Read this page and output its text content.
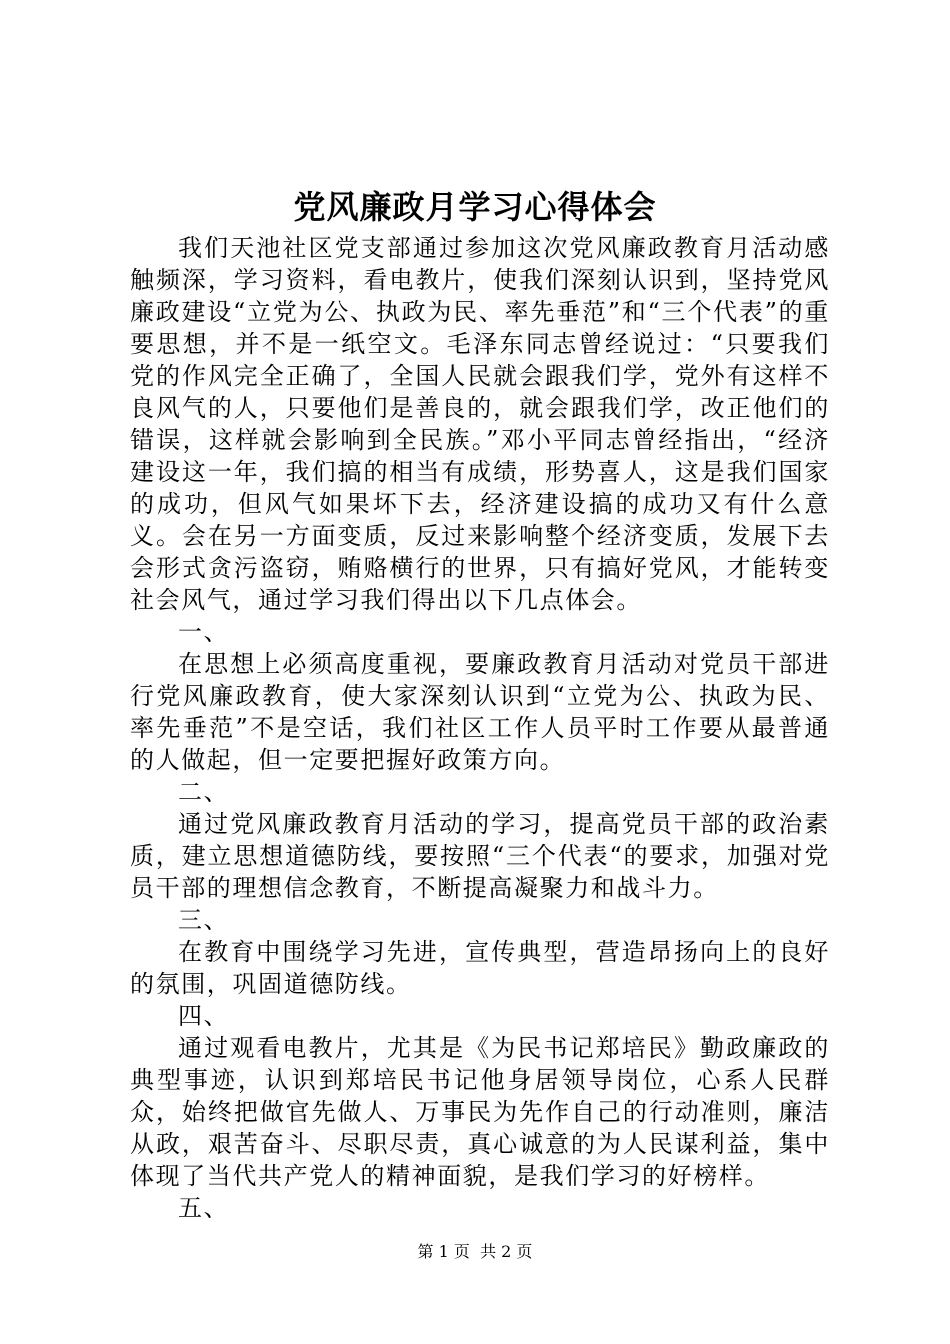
党风廉政月学习心得体会

我们天池社区党支部通过参加这次党风廉政教育月活动感触频深，学习资料，看电教片，使我们深刻认识到，坚持党风廉政建设“立党为公、执政为民、率先垂范”和“三个代表”的重要思想，并不是一纸空文。毛泽东同志曾经说过：“只要我们党的作风完全正确了，全国人民就会跟我们学，党外有这样不良风气的人，只要他们是善良的，就会跟我们学，改正他们的错误，这样就会影响到全民族。”邓小平同志曾经指出，“经济建设这一年，我们搞的相当有成绩，形势喜人，这是我们国家的成功，但风气如果坏下去，经济建设搞的成功又有什么意义。会在另一方面变质，反过来影响整个经济变质，发展下去会形式贪污盗窃，贿赂横行的世界，只有搞好党风，才能转变社会风气，通过学习我们得出以下几点体会。

一、

在思想上必须高度重视，要廉政教育月活动对党员干部进行党风廉政教育，使大家深刻认识到“立党为公、执政为民、率先垂范”不是空话，我们社区工作人员平时工作要从最普通的人做起，但一定要把握好政策方向。

二、

通过党风廉政教育月活动的学习，提高党员干部的政治素质，建立思想道德防线，要按照“三个代表“的要求，加强对党员干部的理想信念教育，不断提高凝聚力和战斗力。

三、

在教育中围绕学习先进，宣传典型，营造昂扬向上的良好的氛围，巩固道德防线。

四、

通过观看电教片，尤其是《为民书记郑培民》勤政廉政的典型事迹，认识到郑培民书记他身居领导岗位，心系人民群众，始终把做官先做人、万事民为先作自己的行动准则，廉洁从政，艰苦奋斗、尽职尽责，真心诚意的为人民谋利益，集中体现了当代共产党人的精神面貌，是我们学习的好榜样。

五、

第 1 页  共 2 页
